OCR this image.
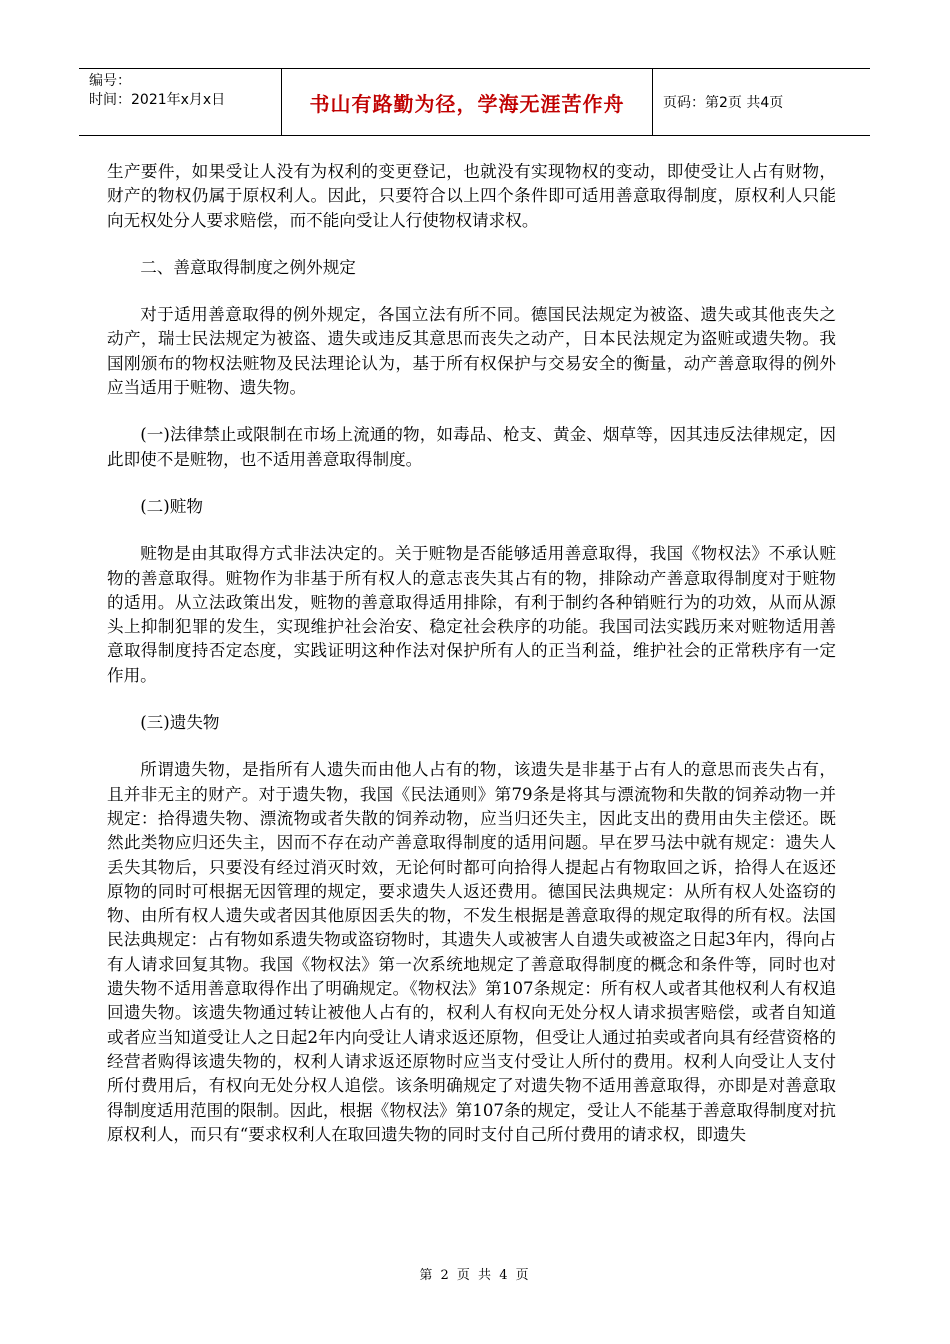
编号：
时间：2021年x月x日	书山有路勤为径，学海无涯苦作舟	页码：第2页 共4页

生产要件，如果受让人没有为权利的变更登记，也就没有实现物权的变动，即使受让人占有财物，财产的物权仍属于原权利人。因此，只要符合以上四个条件即可适用善意取得制度，原权利人只能向无权处分人要求赔偿，而不能向受让人行使物权请求权。

二、善意取得制度之例外规定

对于适用善意取得的例外规定，各国立法有所不同。德国民法规定为被盗、遗失或其他丧失之动产，瑞士民法规定为被盗、遗失或违反其意思而丧失之动产，日本民法规定为盗赃或遗失物。我国刚颁布的物权法赃物及民法理论认为，基于所有权保护与交易安全的衡量，动产善意取得的例外应当适用于赃物、遗失物。

(一)法律禁止或限制在市场上流通的物，如毒品、枪支、黄金、烟草等，因其违反法律规定，因此即使不是赃物，也不适用善意取得制度。

(二)赃物

赃物是由其取得方式非法决定的。关于赃物是否能够适用善意取得，我国《物权法》不承认赃物的善意取得。赃物作为非基于所有权人的意志丧失其占有的物，排除动产善意取得制度对于赃物的适用。从立法政策出发，赃物的善意取得适用排除，有利于制约各种销赃行为的功效，从而从源头上抑制犯罪的发生，实现维护社会治安、稳定社会秩序的功能。我国司法实践历来对赃物适用善意取得制度持否定态度，实践证明这种作法对保护所有人的正当利益，维护社会的正常秩序有一定作用。

(三)遗失物

所谓遗失物，是指所有人遗失而由他人占有的物，该遗失是非基于占有人的意思而丧失占有，且并非无主的财产。对于遗失物，我国《民法通则》第79条是将其与漂流物和失散的饲养动物一并规定：拾得遗失物、漂流物或者失散的饲养动物，应当归还失主，因此支出的费用由失主偿还。既然此类物应归还失主，因而不存在动产善意取得制度的适用问题。早在罗马法中就有规定：遗失人丢失其物后，只要没有经过消灭时效，无论何时都可向拾得人提起占有物取回之诉，拾得人在返还原物的同时可根据无因管理的规定，要求遗失人返还费用。德国民法典规定：从所有权人处盗窃的物、由所有权人遗失或者因其他原因丢失的物，不发生根据是善意取得的规定取得的所有权。法国民法典规定：占有物如系遗失物或盗窃物时，其遗失人或被害人自遗失或被盗之日起3年内，得向占有人请求回复其物。我国《物权法》第一次系统地规定了善意取得制度的概念和条件等，同时也对遗失物不适用善意取得作出了明确规定。《物权法》第107条规定：所有权人或者其他权利人有权追回遗失物。该遗失物通过转让被他人占有的，权利人有权向无处分权人请求损害赔偿，或者自知道或者应当知道受让人之日起2年内向受让人请求返还原物，但受让人通过拍卖或者向具有经营资格的经营者购得该遗失物的，权利人请求返还原物时应当支付受让人所付的费用。权利人向受让人支付所付费用后，有权向无处分权人追偿。该条明确规定了对遗失物不适用善意取得，亦即是对善意取得制度适用范围的限制。因此，根据《物权法》第107条的规定，受让人不能基于善意取得制度对抗原权利人，而只有“要求权利人在取回遗失物的同时支付自己所付费用的请求权，即遗失

第 2 页 共 4 页
